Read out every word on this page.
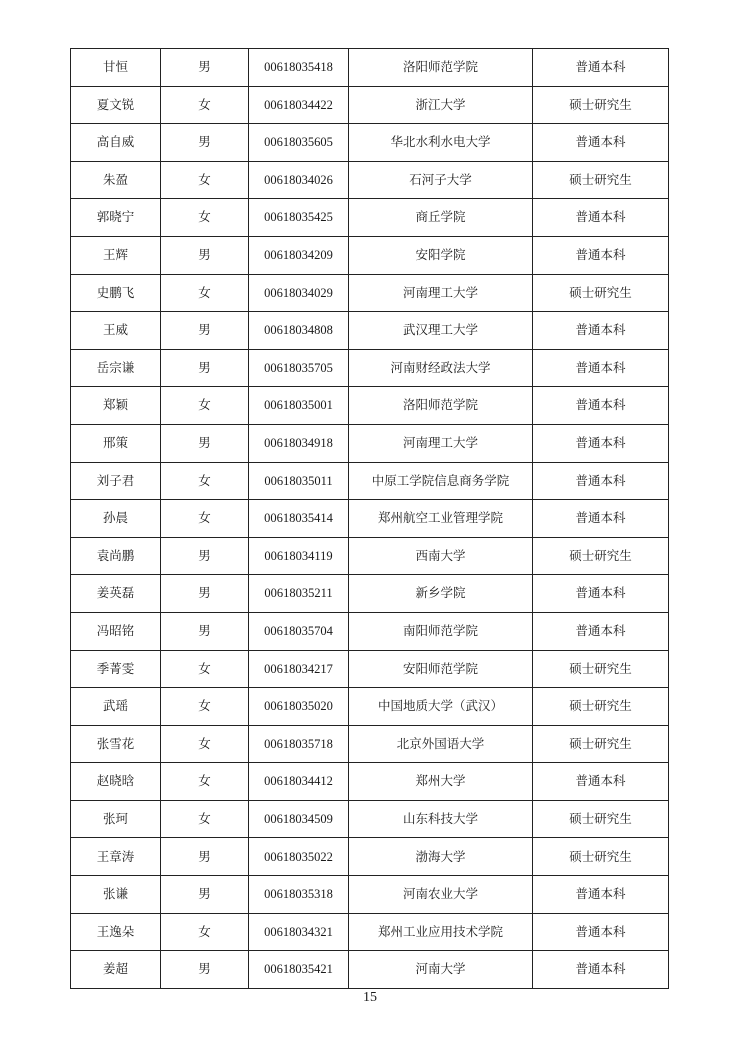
甘恒	男	00618035418	洛阳师范学院	普通本科
夏文锐	女	00618034422	浙江大学	硕士研究生
高自威	男	00618035605	华北水利水电大学	普通本科
朱盈	女	00618034026	石河子大学	硕士研究生
郭晓宁	女	00618035425	商丘学院	普通本科
王辉	男	00618034209	安阳学院	普通本科
史鹏飞	女	00618034029	河南理工大学	硕士研究生
王威	男	00618034808	武汉理工大学	普通本科
岳宗谦	男	00618035705	河南财经政法大学	普通本科
郑颖	女	00618035001	洛阳师范学院	普通本科
邢策	男	00618034918	河南理工大学	普通本科
刘子君	女	00618035011	中原工学院信息商务学院	普通本科
孙晨	女	00618035414	郑州航空工业管理学院	普通本科
袁尚鹏	男	00618034119	西南大学	硕士研究生
姜英磊	男	00618035211	新乡学院	普通本科
冯昭铭	男	00618035704	南阳师范学院	普通本科
季菁雯	女	00618034217	安阳师范学院	硕士研究生
武瑶	女	00618035020	中国地质大学（武汉）	硕士研究生
张雪花	女	00618035718	北京外国语大学	硕士研究生
赵晓晗	女	00618034412	郑州大学	普通本科
张珂	女	00618034509	山东科技大学	硕士研究生
王章涛	男	00618035022	渤海大学	硕士研究生
张谦	男	00618035318	河南农业大学	普通本科
王逸朵	女	00618034321	郑州工业应用技术学院	普通本科
姜超	男	00618035421	河南大学	普通本科
15
